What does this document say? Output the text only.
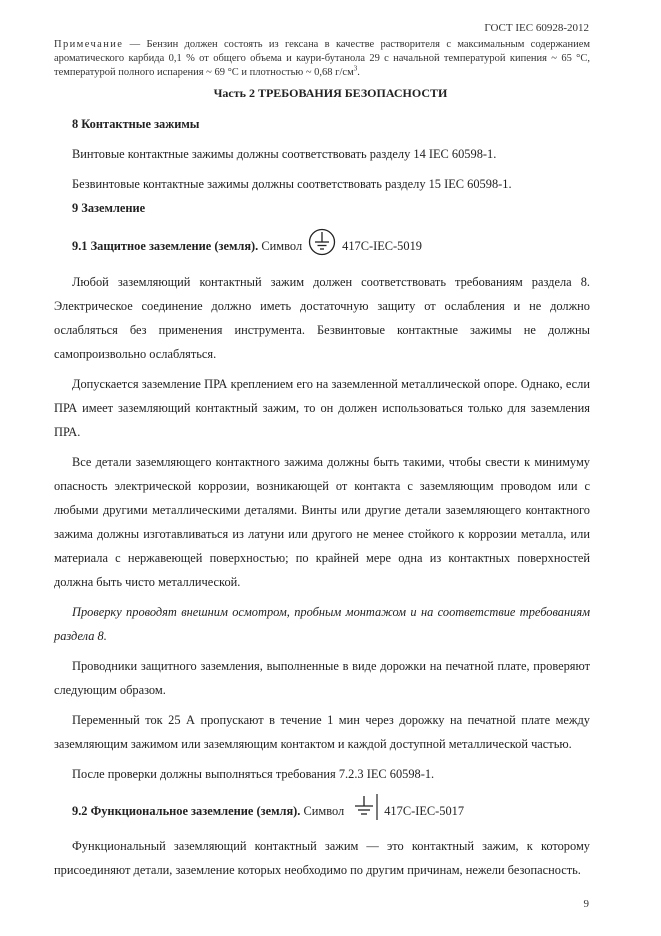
ГОСТ IEC 60928-2012
Примечание — Бензин должен состоять из гексана в качестве растворителя с максимальным содержанием ароматического карбида 0,1 % от общего объема и каури-бутанола 29 с начальной температурой кипения ~ 65 °С, температурой полного испарения ~ 69 °С и плотностью ~ 0,68 $г/см^3$.
Часть 2 ТРЕБОВАНИЯ БЕЗОПАСНОСТИ

8 Контактные зажимы

Винтовые контактные зажимы должны соответствовать разделу 14 IEC 60598-1.

Безвинтовые контактные зажимы должны соответствовать разделу 15 IEC 60598-1.

9 Заземление

9.1 Защитное заземление (земля).
Символ	417C-IEC-5019

Любой заземляющий контактный зажим должен соответствовать требованиям раздела 8. Электрическое соединение должно иметь достаточную защиту от ослабления и не должно ослабляться без применения инструмента. Безвинтовые контактные зажимы не должны самопроизвольно ослабляться.

Допускается заземление ПРА креплением его на заземленной металлической опоре. Однако, если ПРА имеет заземляющий контактный зажим, то он должен использоваться только для заземления ПРА.

Все детали заземляющего контактного зажима должны быть такими, чтобы свести к минимуму опасность электрической коррозии, возникающей от контакта с заземляющим проводом или с любыми другими металлическими деталями. Винты или другие детали заземляющего контактного зажима должны изготавливаться из латуни или другого не менее стойкого к коррозии металла, или материала с нержавеющей поверхностью; по крайней мере одна из контактных поверхностей должна быть чисто металлической.

Проверку проводят внешним осмотром, пробным монтажом и на соответствие требованиям раздела 8.

Проводники защитного заземления, выполненные в виде дорожки на печатной плате, проверяют следующим образом.

Переменный ток 25 А пропускают в течение 1 мин через дорожку на печатной плате между заземляющим зажимом или заземляющим контактом и каждой доступной металлической частью.

После проверки должны выполняться требования 7.2.3 IEC 60598-1.

9.2 Функциональное заземление (земля).
Символ	417C-IEC-5017

Функциональный заземляющий контактный зажим — это контактный зажим, к которому присоединяют детали, заземление которых необходимо по другим причинам, нежели безопасность.

9
